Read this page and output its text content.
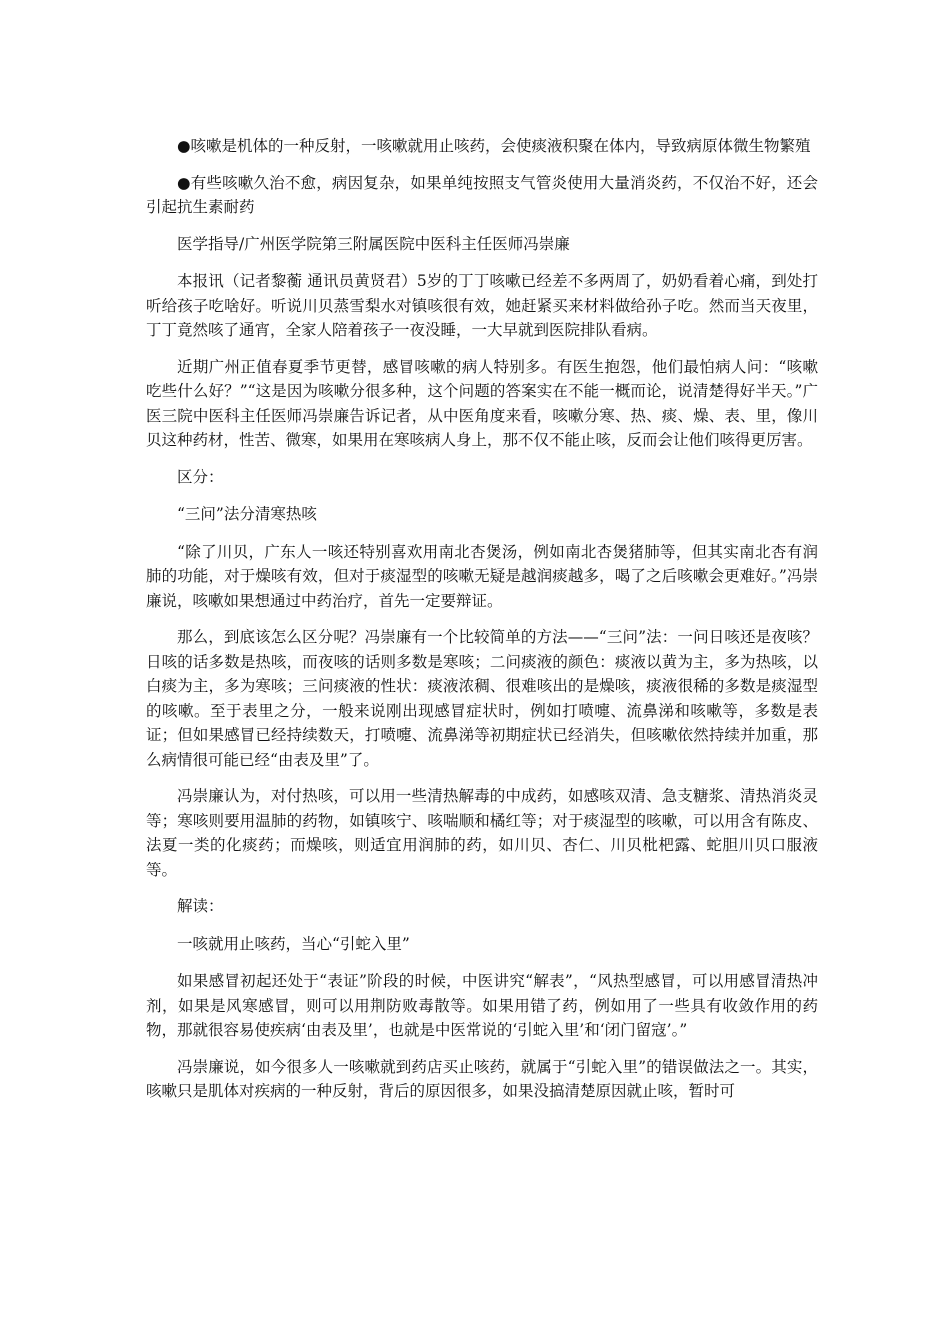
●咳嗽是机体的一种反射，一咳嗽就用止咳药，会使痰液积聚在体内，导致病原体微生物繁殖

●有些咳嗽久治不愈，病因复杂，如果单纯按照支气管炎使用大量消炎药，不仅治不好，还会引起抗生素耐药

医学指导/广州医学院第三附属医院中医科主任医师冯崇廉

本报讯（记者黎蘅 通讯员黄贤君）5岁的丁丁咳嗽已经差不多两周了，奶奶看着心痛，到处打听给孩子吃啥好。听说川贝蒸雪梨水对镇咳很有效，她赶紧买来材料做给孙子吃。然而当天夜里，丁丁竟然咳了通宵，全家人陪着孩子一夜没睡，一大早就到医院排队看病。

近期广州正值春夏季节更替，感冒咳嗽的病人特别多。有医生抱怨，他们最怕病人问：“咳嗽吃些什么好？”“这是因为咳嗽分很多种，这个问题的答案实在不能一概而论，说清楚得好半天。”广医三院中医科主任医师冯崇廉告诉记者，从中医角度来看，咳嗽分寒、热、痰、燥、表、里，像川贝这种药材，性苦、微寒，如果用在寒咳病人身上，那不仅不能止咳，反而会让他们咳得更厉害。

区分：

“三问”法分清寒热咳

“除了川贝，广东人一咳还特别喜欢用南北杏煲汤，例如南北杏煲猪肺等，但其实南北杏有润肺的功能，对于燥咳有效，但对于痰湿型的咳嗽无疑是越润痰越多，喝了之后咳嗽会更难好。”冯崇廉说，咳嗽如果想通过中药治疗，首先一定要辩证。

那么，到底该怎么区分呢？冯崇廉有一个比较简单的方法——“三问”法：一问日咳还是夜咳？日咳的话多数是热咳，而夜咳的话则多数是寒咳；二问痰液的颜色：痰液以黄为主，多为热咳，以白痰为主，多为寒咳；三问痰液的性状：痰液浓稠、很难咳出的是燥咳，痰液很稀的多数是痰湿型的咳嗽。至于表里之分，一般来说刚出现感冒症状时，例如打喷嚏、流鼻涕和咳嗽等，多数是表证；但如果感冒已经持续数天，打喷嚏、流鼻涕等初期症状已经消失，但咳嗽依然持续并加重，那么病情很可能已经“由表及里”了。

冯崇廉认为，对付热咳，可以用一些清热解毒的中成药，如感咳双清、急支糖浆、清热消炎灵等；寒咳则要用温肺的药物，如镇咳宁、咳喘顺和橘红等；对于痰湿型的咳嗽，可以用含有陈皮、法夏一类的化痰药；而燥咳，则适宜用润肺的药，如川贝、杏仁、川贝枇杷露、蛇胆川贝口服液等。

解读：

一咳就用止咳药，当心“引蛇入里”

如果感冒初起还处于“表证”阶段的时候，中医讲究“解表”，“风热型感冒，可以用感冒清热冲剂，如果是风寒感冒，则可以用荆防败毒散等。如果用错了药，例如用了一些具有收敛作用的药物，那就很容易使疾病‘由表及里’，也就是中医常说的‘引蛇入里’和‘闭门留寇’。”

冯崇廉说，如今很多人一咳嗽就到药店买止咳药，就属于“引蛇入里”的错误做法之一。其实，咳嗽只是肌体对疾病的一种反射，背后的原因很多，如果没搞清楚原因就止咳，暂时可
